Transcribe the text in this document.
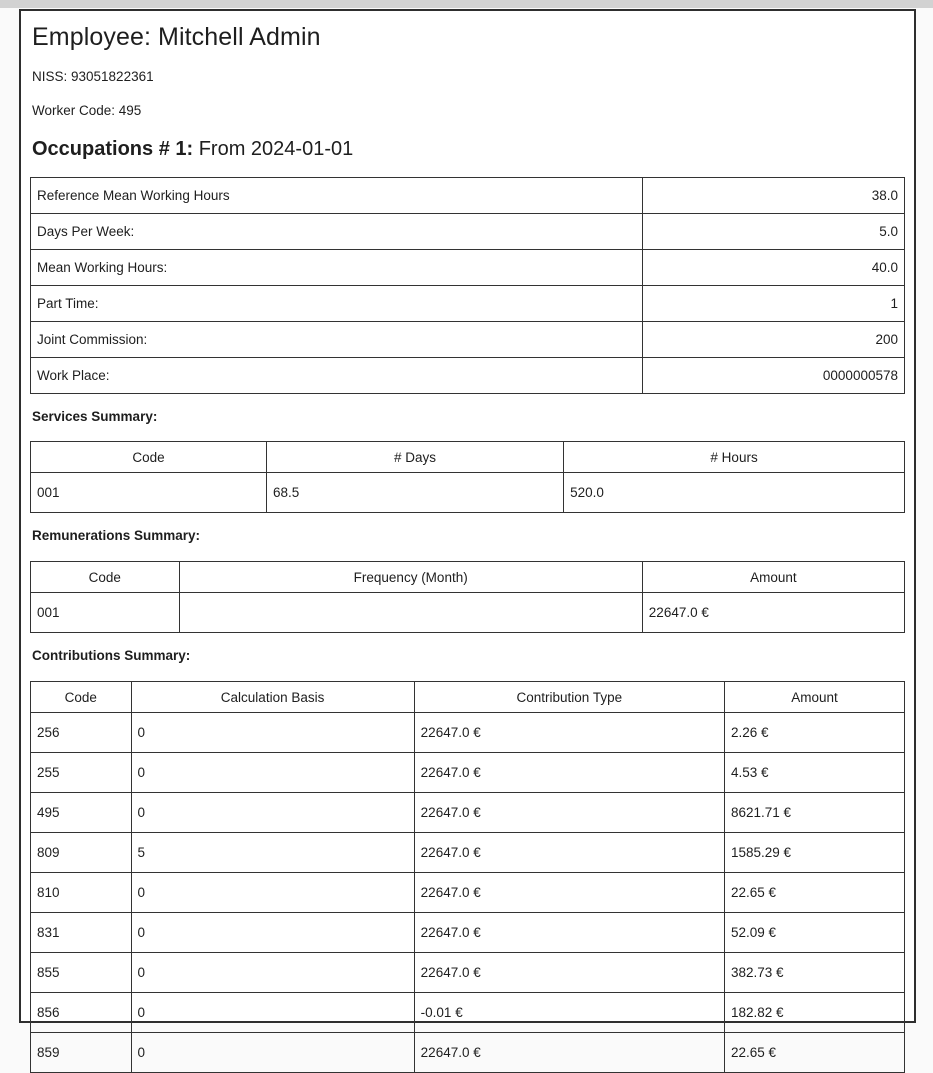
Employee: Mitchell Admin

NISS: 93051822361

Worker Code: 495

Occupations # 1: From 2024-01-01
Reference Mean Working Hours	38.0
Days Per Week:	5.0
Mean Working Hours:	40.0
Part Time:	1
Joint Commission:	200
Work Place:	0000000578

Services Summary:

Code	# Days	# Hours
001	68.5	520.0

Remunerations Summary:

Code	Frequency (Month)	Amount
001		22647.0 €

Contributions Summary:

Code	Calculation Basis	Contribution Type	Amount
256	0	22647.0 €	2.26 €
255	0	22647.0 €	4.53 €
495	0	22647.0 €	8621.71 €
809	5	22647.0 €	1585.29 €
810	0	22647.0 €	22.65 €
831	0	22647.0 €	52.09 €
855	0	22647.0 €	382.73 €
856	0	-0.01 €	182.82 €
859	0	22647.0 €	22.65 €
